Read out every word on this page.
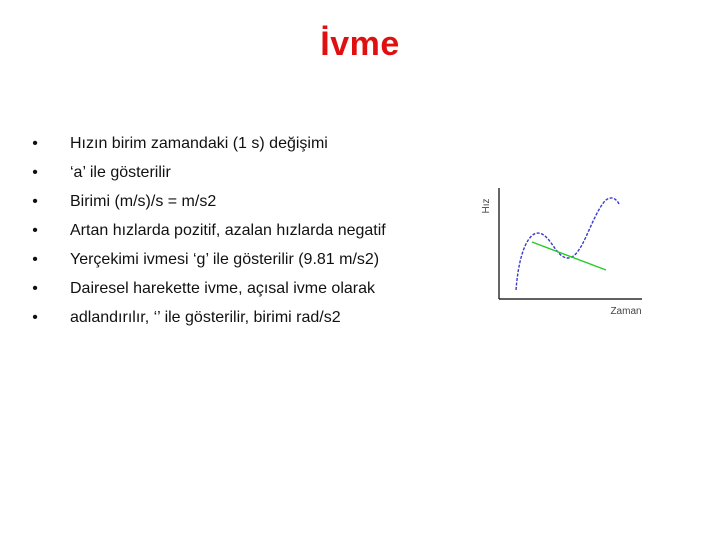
İvme
• Hızın birim zamandaki (1 s) değişimi
• ‘a’ ile gösterilir
• Birimi (m/s)/s = m/s2
• Artan hızlarda pozitif, azalan hızlarda negatif
• Yerçekimi ivmesi ‘g’ ile gösterilir (9.81 m/s2)
• Dairesel harekette ivme, açısal ivme olarak
• adlandırılır, ‘’ ile gösterilir, birimi rad/s2
Hız
Zaman
